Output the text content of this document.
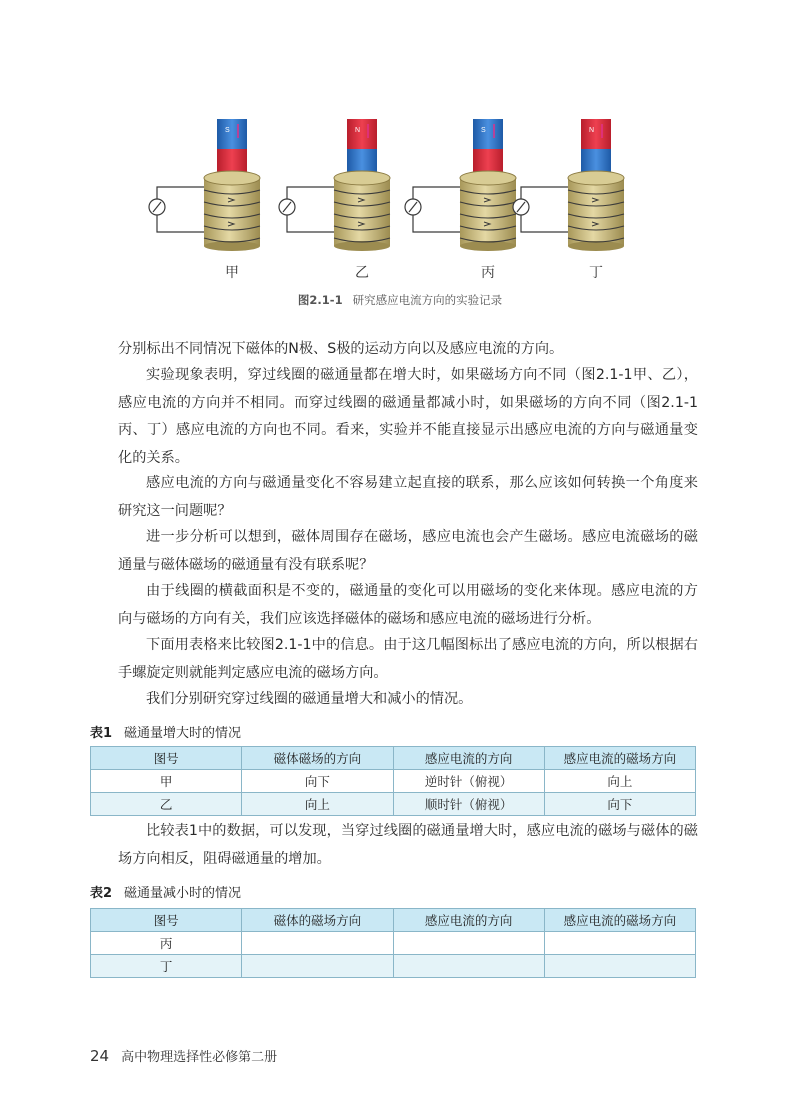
S	N	S	N
甲	乙	丙	丁
图2.1-1 研究感应电流方向的实验记录
分别标出不同情况下磁体的N极、S极的运动方向以及感应电流的方向。
实验现象表明，穿过线圈的磁通量都在增大时，如果磁场方向不同（图2.1-1甲、乙），感应电流的方向并不相同。而穿过线圈的磁通量都减小时，如果磁场的方向不同（图2.1-1丙、丁）感应电流的方向也不同。看来，实验并不能直接显示出感应电流的方向与磁通量变化的关系。
感应电流的方向与磁通量变化不容易建立起直接的联系，那么应该如何转换一个角度来研究这一问题呢？
进一步分析可以想到，磁体周围存在磁场，感应电流也会产生磁场。感应电流磁场的磁通量与磁体磁场的磁通量有没有联系呢？
由于线圈的横截面积是不变的，磁通量的变化可以用磁场的变化来体现。感应电流的方向与磁场的方向有关，我们应该选择磁体的磁场和感应电流的磁场进行分析。
下面用表格来比较图2.1-1中的信息。由于这几幅图标出了感应电流的方向，所以根据右手螺旋定则就能判定感应电流的磁场方向。
我们分别研究穿过线圈的磁通量增大和减小的情况。
表1 磁通量增大时的情况
图号	磁体磁场的方向	感应电流的方向	感应电流的磁场方向
甲	向下	逆时针（俯视）	向上
乙	向上	顺时针（俯视）	向下
比较表1中的数据，可以发现，当穿过线圈的磁通量增大时，感应电流的磁场与磁体的磁场方向相反，阻碍磁通量的增加。
表2 磁通量减小时的情况
图号	磁体的磁场方向	感应电流的方向	感应电流的磁场方向
丙			
丁			
24 高中物理选择性必修第二册
